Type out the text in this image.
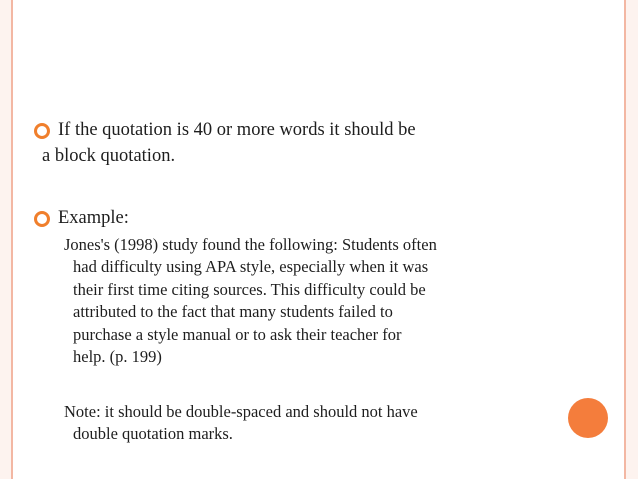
If the quotation is 40 or more words it should be
a block quotation.
Example:
Jones's (1998) study found the following: Students often
had difficulty using APA style, especially when it was
their first time citing sources. This difficulty could be
attributed to the fact that many students failed to
purchase a style manual or to ask their teacher for
help. (p. 199)
Note: it should be double-spaced and should not have
double quotation marks.
